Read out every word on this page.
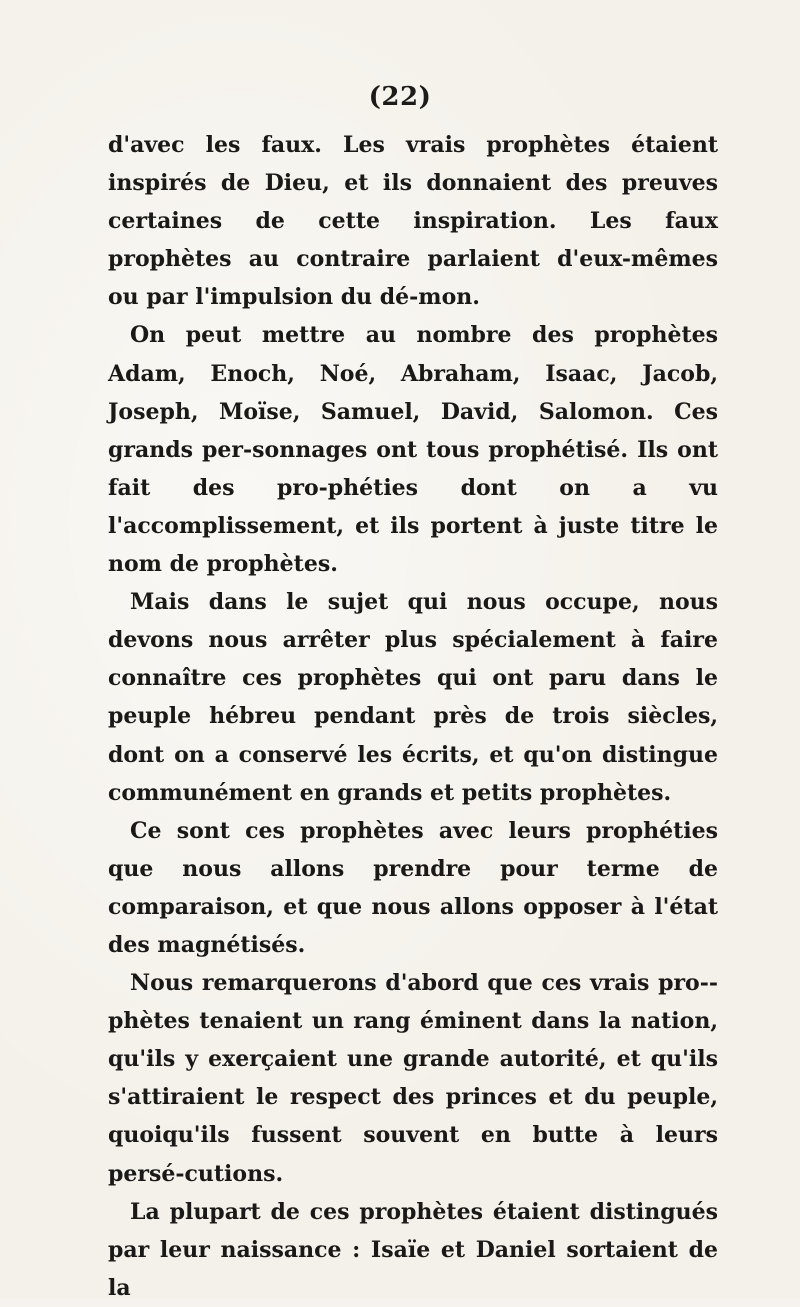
(22)

d'avec les faux. Les vrais prophètes étaient inspirés de Dieu, et ils donnaient des preuves certaines de cette inspiration. Les faux prophètes au contraire parlaient d'eux-mêmes ou par l'impulsion du dé-mon.

On peut mettre au nombre des prophètes Adam, Enoch, Noé, Abraham, Isaac, Jacob, Joseph, Moïse, Samuel, David, Salomon. Ces grands per-sonnages ont tous prophétisé. Ils ont fait des pro-phéties dont on a vu l'accomplissement, et ils portent à juste titre le nom de prophètes.

Mais dans le sujet qui nous occupe, nous devons nous arrêter plus spécialement à faire connaître ces prophètes qui ont paru dans le peuple hébreu pendant près de trois siècles, dont on a conservé les écrits, et qu'on distingue communément en grands et petits prophètes.

Ce sont ces prophètes avec leurs prophéties que nous allons prendre pour terme de comparaison, et que nous allons opposer à l'état des magnétisés.

Nous remarquerons d'abord que ces vrais pro-phètes tenaient un rang éminent dans la nation, qu'ils y exerçaient une grande autorité, et qu'ils s'attiraient le respect des princes et du peuple, quoiqu'ils fussent souvent en butte à leurs persé-cutions.

La plupart de ces prophètes étaient distingués par leur naissance : Isaïe et Daniel sortaient de la
